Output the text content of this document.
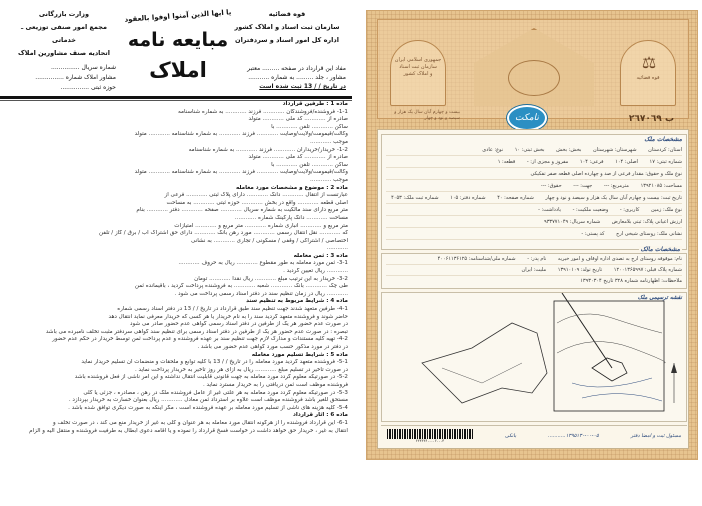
قوه قضائیه
سازمان ثبت اسناد و املاک کشور
اداره کل امور اسناد و سردفتران
یا ایها الذین آمنوا اوفوا بالعقود
مبایعه نامه
املاک
وزارت بازرگانی
مجمع امور صنفی توزیعی ـ خدماتی
اتحادیه صنف مشاورین املاک
مفاد این قرارداد در صفحه ......... معتبر
مشاور ، جلد ......... به شماره ...........
در تاریخ / / 13 ثبت شده است
شماره سریال ...............
مشاور املاک شماره ...............
حوزه ثبتی ...............
ماده 1 : طرفین قرارداد
1-1- فروشنده/فروشندگان ............ فرزند ............ به شماره شناسنامه
صادره از ............ کد ملی ............ متولد
ساکن ............ تلفن ............ با
وکالت/قیمومت/ولایت/وصایت ............ فرزند ............ به شماره شناسنامه ............ متولد
موجب ............
1-2- خریدار/خریداران ............ فرزند ............ به شماره شناسنامه
صادره از ............ کد ملی ............ متولد
ساکن ............ تلفن ............ با
وکالت/قیمومت/ولایت/وصایت ............ فرزند ............ به شماره شناسنامه ............ متولد
موجب ............
ماده 2 : موضوع و مشخصات مورد معامله
عبارتست از انتقال ............ دانگ ............ دارای پلاک ثبتی ............ فرعی از
اصلی قطعه ............ واقع در بخش ............ حوزه ثبتی ............ به مساحت
متر مربع دارای سند مالکیت به شماره سریال ............ صفحه ............ دفتر ............ بنام
مساحت ............ دانگ پارکینگ شماره ............
متر مربع و ............ انباری شماره ............ متر مربع و ............ امتیازات
که ............ نقل انتقال رسمی ............ مورد رهن بانک ............ دارای حق اشتراک آب / برق / گاز / تلفن
اختصاصی / اشتراکی / وقفی / مسکونی / تجاری ............ به نشانی
............
ماده 3 : ثمن معامله
3-1- ثمن مورد معامله به طور مقطوع ............ ریال به حروف ............
............ ریال تعیین گردید .
3-2- خریدار به این ترتیب مبلغ ............ ریال نقدا ............ تومان
طی چک ............ بانک ............ شعبه ............ به فروشنده پرداخت گردید ، باقیمانده ثمن
............ ریال در زمان تنظیم سند در دفتر اسناد رسمی پرداخت می شود .
ماده 4 : شرایط مربوط به تنظیم سند
4-1- طرفین متعهد شدند جهت تنظیم سند طبق قرارداد در تاریخ / / 13 در دفتر اسناد رسمی شماره
حاضر شوند و فروشنده متعهد گردید سند را به نام خریدار یا هر کسی که خریدار معرفی نماید انتقال دهد
در صورت عدم حضور هر یک از طرفین در دفتر اسناد رسمی گواهی عدم حضور صادر می شود
تبصره : در صورت عدم حضور هر یک از طرفین در دفتر اسناد رسمی برای تنظیم سند گواهی سردفتر مثبت تخلف نامبرده می باشد
4-2- تهیه کلیه مستندات و مدارک لازم جهت تنظیم سند بر عهده فروشنده و عدم پرداخت ثمن توسط خریدار در حکم عدم حضور
در دفتر در مورد مذکور حسب مورد گواهی عدم حضور می باشد .
ماده 5 : شرایط تسلیم مورد معامله
5-1- فروشنده متعهد گردید مورد معامله را در تاریخ / / 13 با کلیه توابع و ملحقات و منضمات آن تسلیم خریدار نماید
در صورت تاخیر در تسلیم مبلغ ............ ریال به ازای هر روز تاخیر به خریدار پرداخت نماید .
5-2- در صورتیکه معلوم گردد مورد معامله به جهت قانونی قابلیت انتقال نداشته و این امر ناشی از فعل فروشنده باشد
فروشنده موظف است ثمن دریافتی را به خریدار مسترد نماید .
5-3- در صورتیکه معلوم گردد مورد معامله به هر علتی غیر از عامل فروشنده ملک در رهن ، مصادره ، جزئی یا کلی
مستحق للغیر باشد فروشنده موظف است علاوه بر استرداد ثمن معادل ............ ریال بعنوان خسارت به خریدار بپردازد .
5-4- کلیه هزینه های ناشی از تسلیم مورد معامله بر عهده فروشنده است ، مگر اینکه به صورت دیگری توافق شده باشد .
ماده 6 : آثار قرارداد
6-1- این قرارداد فروشنده را از هرگونه انتقال مورد معامله به هر عنوان و کلی به غیر از خریدار منع می کند ، در صورت تخلف و
انتقال به غیر ، خریدار حق خواهد داشت در خواست فسخ قرارداد را نموده و یا اقامه دعوی ابطال به طرفیت فروشنده و منتقل الیه و الزام
جمهوری اسلامی ایران
سازمان ثبت اسناد
و املاک کشور
⚖
قوه قضائیه
بیست و چهارم آبان سال یک هزار و سیصد و نود و چهار	ب ٢٦٧٠٦٩
نامکت
مشخصات ملک
استان: کردستان شهرستان: شهرستان بخش: بخش بخش ثبتی: ۱۰ نوع: عادی
شماره ثبتی: ۱۷ اصلی: ۱۰۴ فرعی: ۱۰۴ مفروز و مجزی از: - قطعه: ۱
نوع ملک و حقوق: مقدار فرعی از صد و چهارده اصلی قطعه صفر تفکیکی
مساحت: ۱۳۹۲۱۰۸۵ مترمربع: --- جهت: --- حقوق: ---
تاریخ ثبت: بیست و چهارم آبان سال یک هزار و سیصد و نود و چهار شماره صفحه: ۴۰ شماره دفتر: ۱۰۵ شماره ثبت ملک: ۴۰۵۳
نوع ملک: زمین کاربری: - وضعیت ملکیت: - یادداشت: -
ارزش اعیانی پلاک: ثبتی بلامعارض شماره سریال: ۹۳۳۷۷۱۰۴۹
نشانی ملک: روستای شیخی ارج کد پستی: -
مشخصات مالک
نام: موقوفه روستای ارج به تصدی اداره اوقاف و امور خیریه نام پدر: - شماره ملی/شناسنامه: ۴۰۰۶۱۱۳۶۱۲۵
شماره پلاک قبلی: ۱۲۰۰۱۳۶۵۹۹۷ تاریخ تولد: ۱۳۹۱۰۱۰۹ ملیت: ایران
ملاحظات: اظهارنامه شماره ۳۲۸ تاریخ ۱۳۹۳۰۳۰۴
نقشه ترسیمی ملک
مسئول ثبت و امضا دفتر
۱۳۹۵۱۳۰-۰۰-۰۵...........
بانکی
۲۲۳۶۳۶۰۰۰۰۶۰۰۰۳
